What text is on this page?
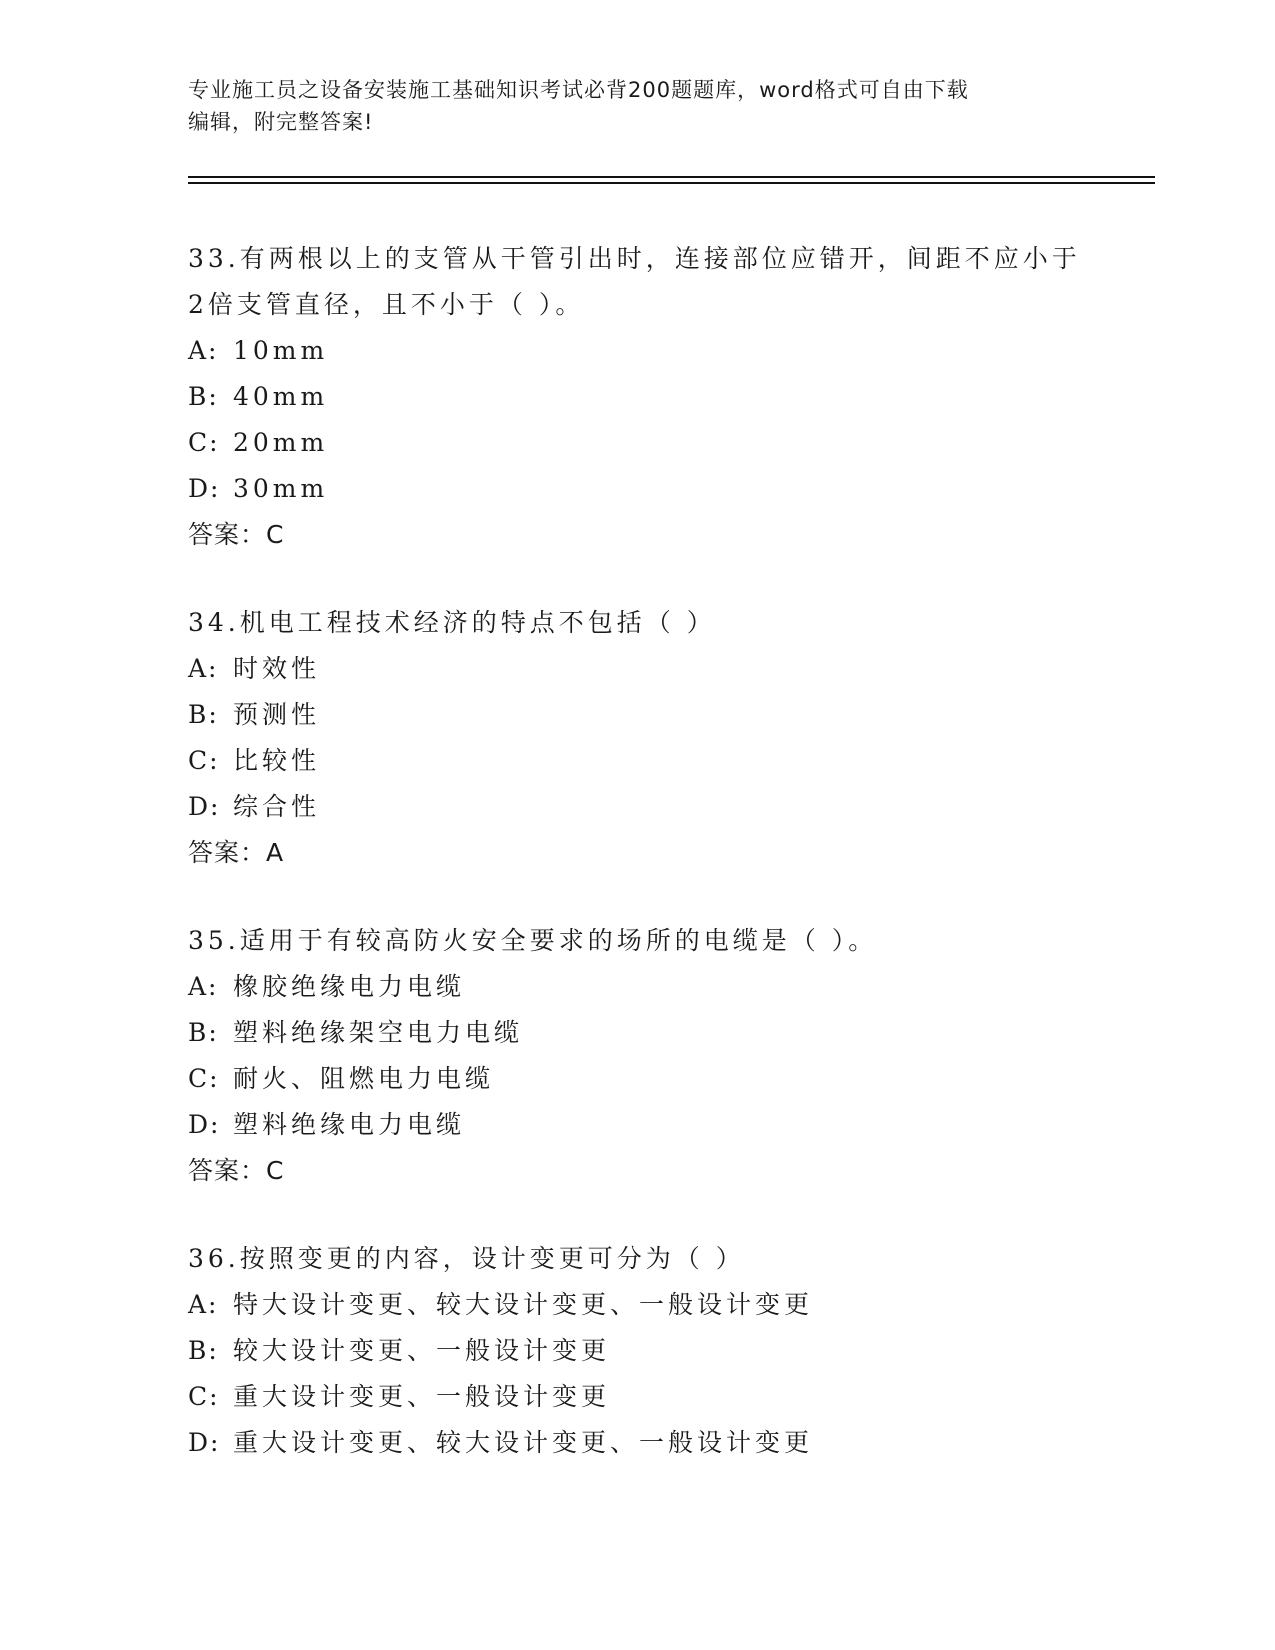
专业施工员之设备安装施工基础知识考试必背200题题库，word格式可自由下载
编辑，附完整答案!
33.有两根以上的支管从干管引出时，连接部位应错开，间距不应小于
2倍支管直径，且不小于（ ）。
A: 10mm
B: 40mm
C: 20mm
D: 30mm
答案：C
34.机电工程技术经济的特点不包括（ ）
A: 时效性
B: 预测性
C: 比较性
D: 综合性
答案：A
35.适用于有较高防火安全要求的场所的电缆是（ ）。
A: 橡胶绝缘电力电缆
B: 塑料绝缘架空电力电缆
C: 耐火、阻燃电力电缆
D: 塑料绝缘电力电缆
答案：C
36.按照变更的内容，设计变更可分为（ ）
A: 特大设计变更、较大设计变更、一般设计变更
B: 较大设计变更、一般设计变更
C: 重大设计变更、一般设计变更
D: 重大设计变更、较大设计变更、一般设计变更
